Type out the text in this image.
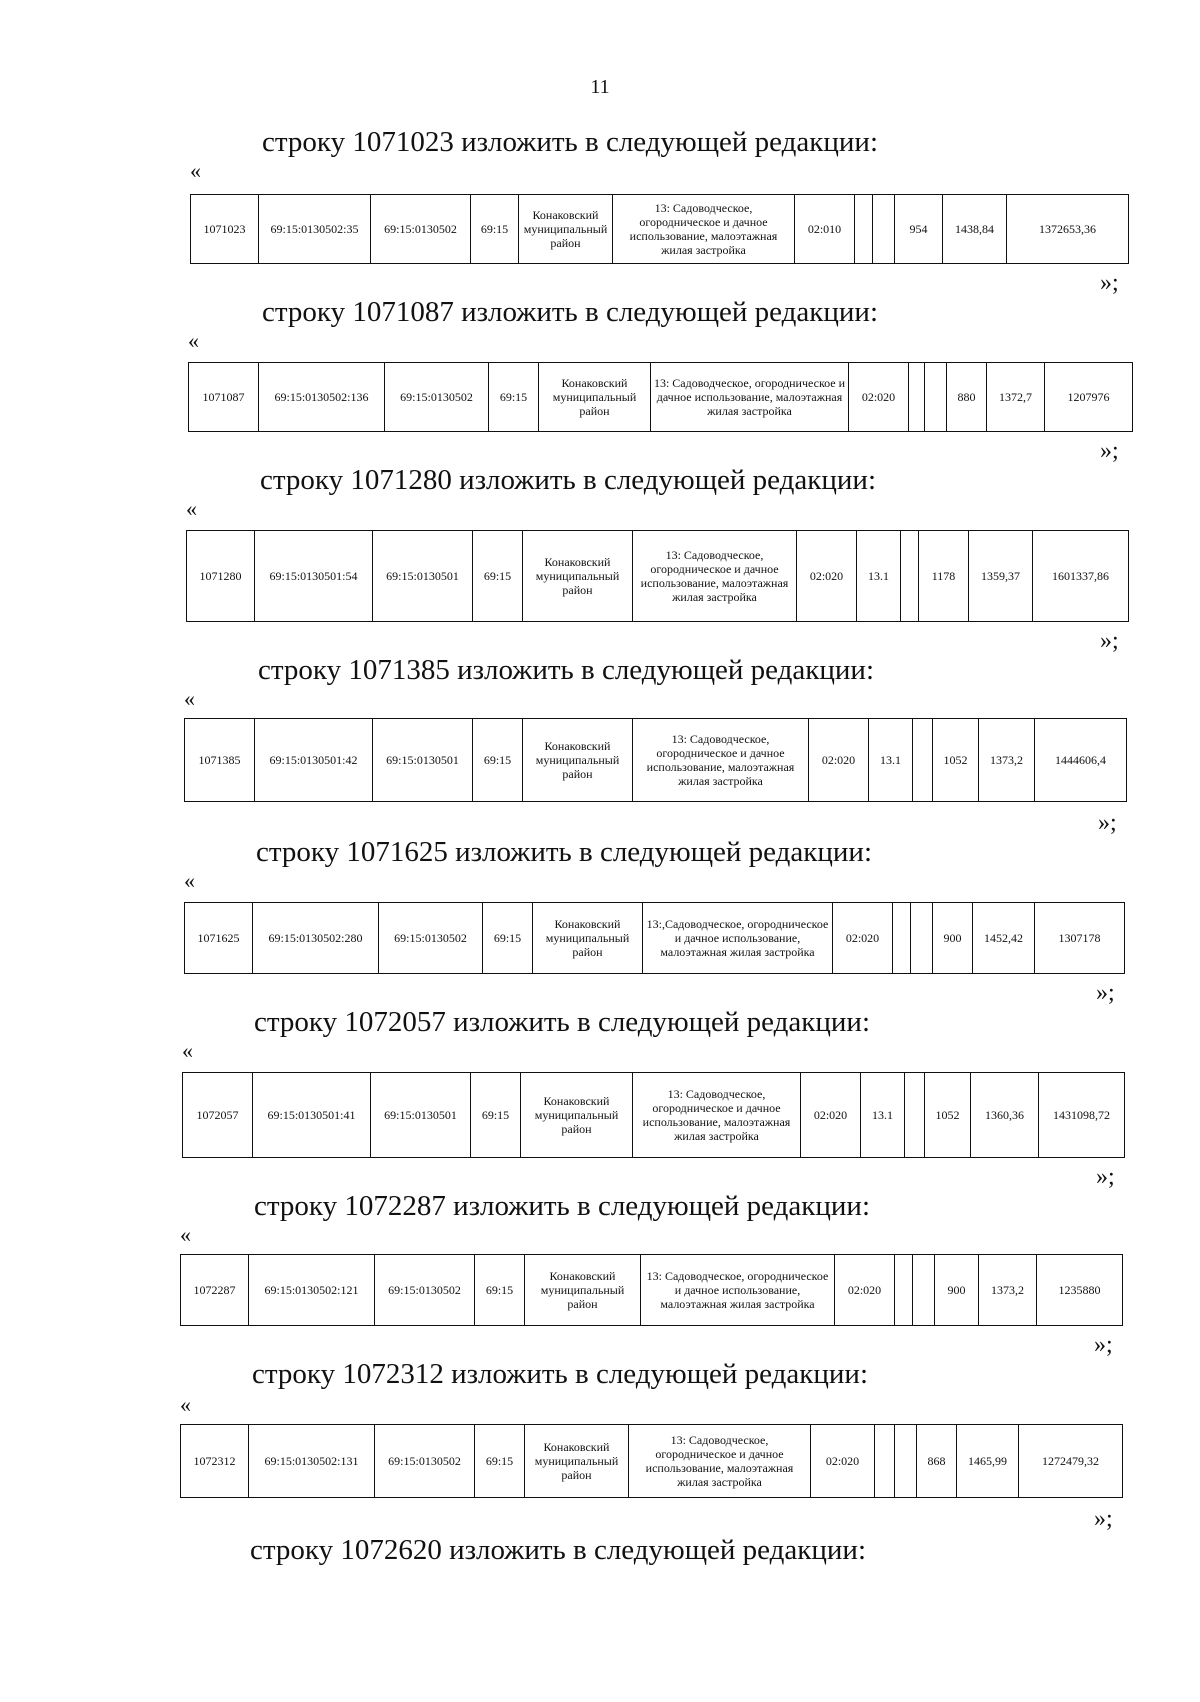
11
строку 1071023 изложить в следующей редакции:
«
1071023	69:15:0130502:35	69:15:0130502	69:15	Конаковский муниципальный район	13: Садоводческое, огородническое и дачное использование, малоэтажная жилая застройка	02:010			954	1438,84	1372653,36
»;
строку 1071087 изложить в следующей редакции:
«
1071087	69:15:0130502:136	69:15:0130502	69:15	Конаковский муниципальный район	13: Садоводческое, огородническое и дачное использование, малоэтажная жилая застройка	02:020			880	1372,7	1207976
»;
строку 1071280 изложить в следующей редакции:
«
1071280	69:15:0130501:54	69:15:0130501	69:15	Конаковский муниципальный район	13: Садоводческое, огородническое и дачное использование, малоэтажная жилая застройка	02:020	13.1		1178	1359,37	1601337,86
»;
строку 1071385 изложить в следующей редакции:
«
1071385	69:15:0130501:42	69:15:0130501	69:15	Конаковский муниципальный район	13: Садоводческое, огородническое и дачное использование, малоэтажная жилая застройка	02:020	13.1		1052	1373,2	1444606,4
»;
строку 1071625 изложить в следующей редакции:
«
1071625	69:15:0130502:280	69:15:0130502	69:15	Конаковский муниципальный район	13:,Садоводческое, огородническое и дачное использование, малоэтажная жилая застройка	02:020			900	1452,42	1307178
»;
строку 1072057 изложить в следующей редакции:
«
1072057	69:15:0130501:41	69:15:0130501	69:15	Конаковский муниципальный район	13: Садоводческое, огородническое и дачное использование, малоэтажная жилая застройка	02:020	13.1		1052	1360,36	1431098,72
»;
строку 1072287 изложить в следующей редакции:
«
1072287	69:15:0130502:121	69:15:0130502	69:15	Конаковский муниципальный район	13: Садоводческое, огородническое и дачное использование, малоэтажная жилая застройка	02:020			900	1373,2	1235880
»;
строку 1072312 изложить в следующей редакции:
«
1072312	69:15:0130502:131	69:15:0130502	69:15	Конаковский муниципальный район	13: Садоводческое, огородническое и дачное использование, малоэтажная жилая застройка	02:020			868	1465,99	1272479,32
»;
строку 1072620 изложить в следующей редакции:
